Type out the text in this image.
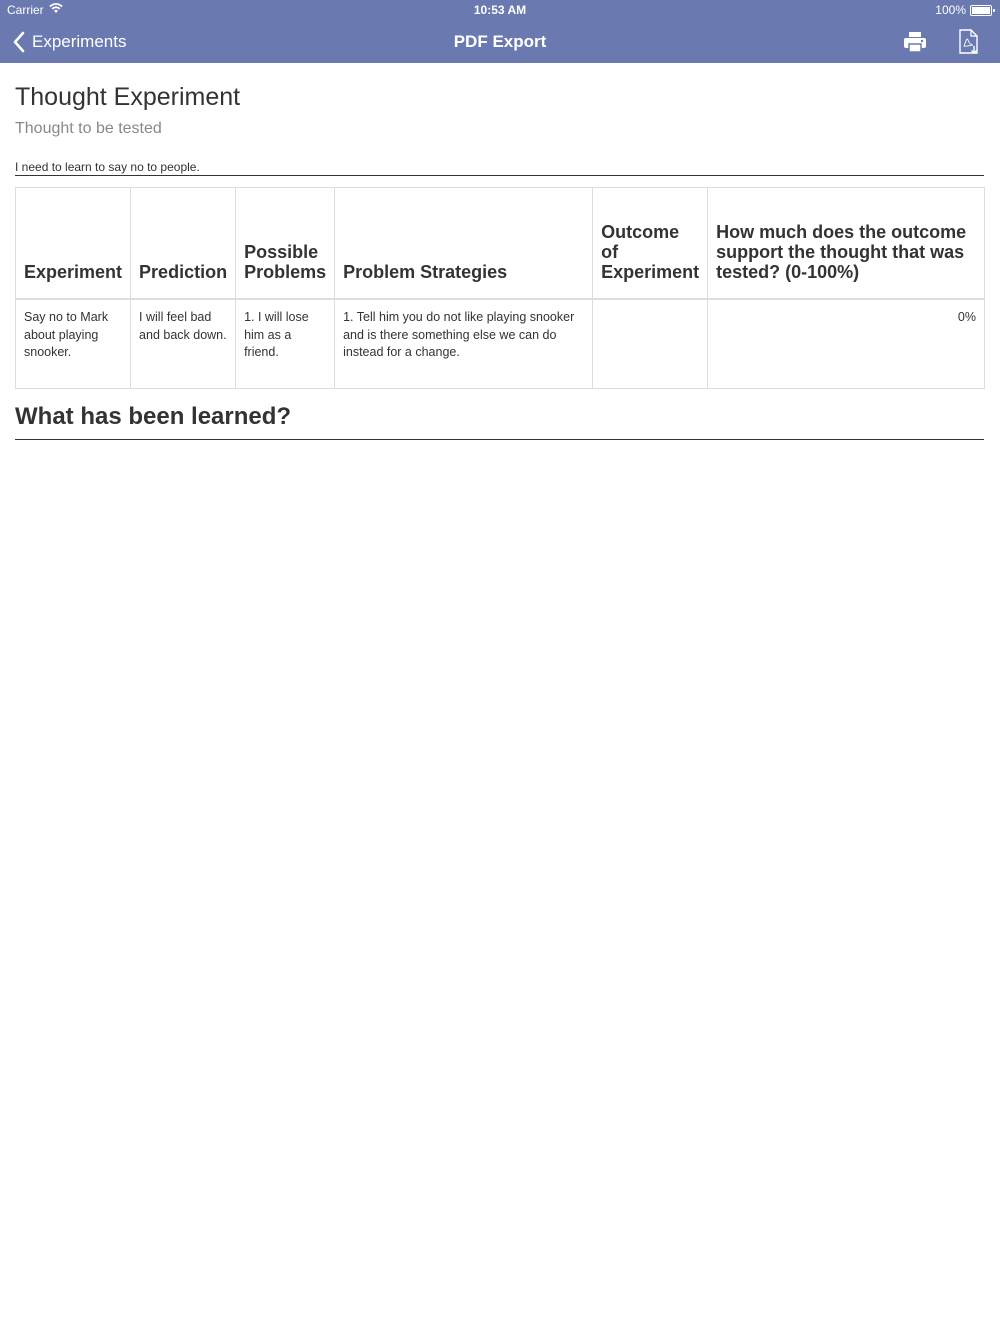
Carrier	10:53 AM	100%
Experiments	PDF Export
Thought Experiment
Thought to be tested
I need to learn to say no to people.
Experiment	Prediction	Possible Problems	Problem Strategies	Outcome of Experiment	How much does the outcome support the thought that was tested? (0-100%)
Say no to Mark about playing snooker.	I will feel bad and back down.	1. I will lose him as a friend.	1. Tell him you do not like playing snooker and is there something else we can do instead for a change.		0%
What has been learned?
